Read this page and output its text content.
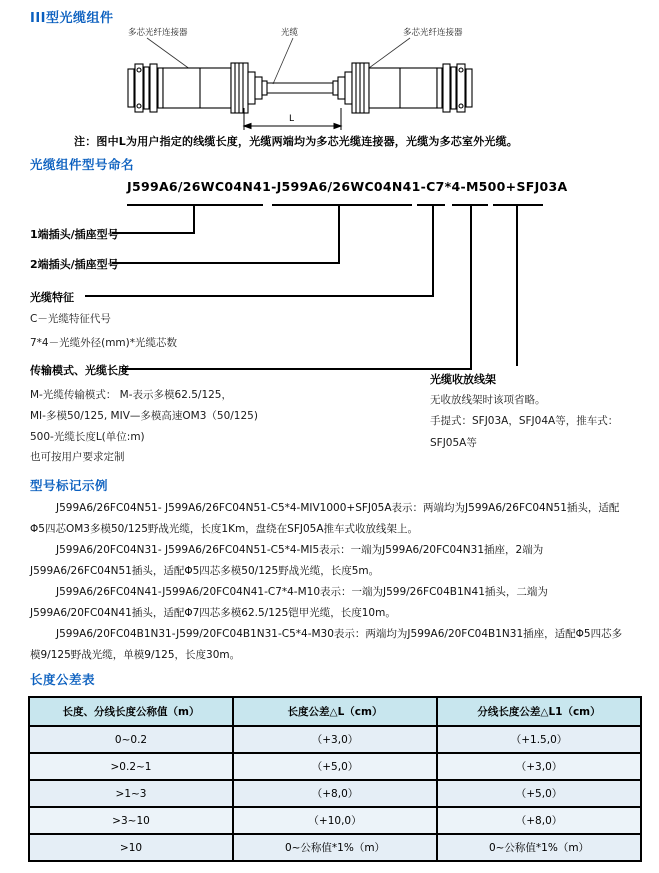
III型光缆组件
多芯光纤连接器	光缆	多芯光纤连接器
L
注：图中L为用户指定的线缆长度，光缆两端均为多芯光缆连接器，光缆为多芯室外光缆。
光缆组件型号命名
J599A6/26WC04N41-J599A6/26WC04N41-C7*4-M500+SFJ03A
1端插头/插座型号
2端插头/插座型号
光缆特征
C－光缆特征代号
7*4－光缆外径(mm)*光缆芯数
传输模式、光缆长度
M-光缆传输模式： M-表示多模62.5/125，
MI-多模50/125, MIV—多模高速OM3（50/125)
500-光缆长度L(单位:m)
也可按用户要求定制
光缆收放线架
无收放线架时该项省略。
手提式：SFJ03A，SFJ04A等，推车式：
SFJ05A等
型号标记示例
J599A6/26FC04N51- J599A6/26FC04N51-C5*4-MIV1000+SFJ05A表示：两端均为J599A6/26FC04N51插头，适配
Φ5四芯OM3多模50/125野战光缆，长度1Km，盘绕在SFJ05A推车式收放线架上。
J599A6/20FC04N31- J599A6/26FC04N51-C5*4-MI5表示：一端为J599A6/20FC04N31插座，2端为
J599A6/26FC04N51插头，适配Φ5四芯多模50/125野战光缆，长度5m。
J599A6/26FC04N41-J599A6/20FC04N41-C7*4-M10表示：一端为J599/26FC04B1N41插头，二端为
J599A6/20FC04N41插头，适配Φ7四芯多模62.5/125铠甲光缆，长度10m。
J599A6/20FC04B1N31-J599/20FC04B1N31-C5*4-M30表示：两端均为J599A6/20FC04B1N31插座，适配Φ5四芯多
模9/125野战光缆，单模9/125，长度30m。
长度公差表
长度、分线长度公称值（m）	长度公差△L（cm）	分线长度公差△L1（cm）
0~0.2	（+3,0）	（+1.5,0）
>0.2~1	（+5,0）	（+3,0）
>1~3	（+8,0）	（+5,0）
>3~10	（+10,0）	（+8,0）
>10	0~公称值*1%（m）	0~公称值*1%（m）
